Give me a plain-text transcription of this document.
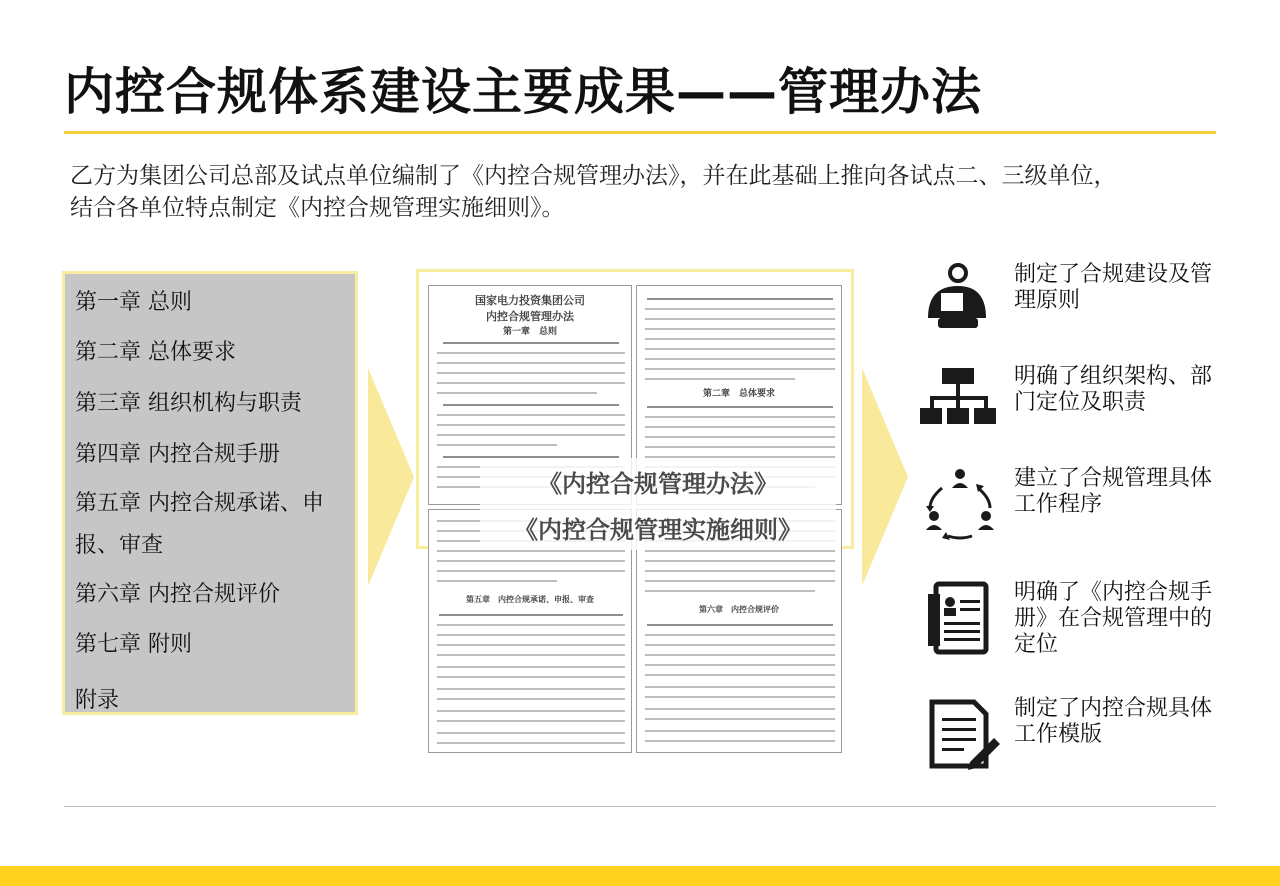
内控合规体系建设主要成果——管理办法

乙方为集团公司总部及试点单位编制了《内控合规管理办法》，并在此基础上推向各试点二、三级单位，

结合各单位特点制定《内控合规管理实施细则》。

第一章 总则
第二章 总体要求
第三章 组织机构与职责
第四章 内控合规手册
第五章 内控合规承诺、申
报、审查
第六章 内控合规评价
第七章 附则
附录
国家电力投资集团公司
内控合规管理办法
第一章　总则
第二章　总体要求
第五章　内控合规承诺、申报、审查
第六章　内控合规评价
《内控合规管理办法》
《内控合规管理实施细则》
制定了合规建设及管理原则
明确了组织架构、部门定位及职责
建立了合规管理具体工作程序
明确了《内控合规手册》在合规管理中的定位
制定了内控合规具体工作模版
